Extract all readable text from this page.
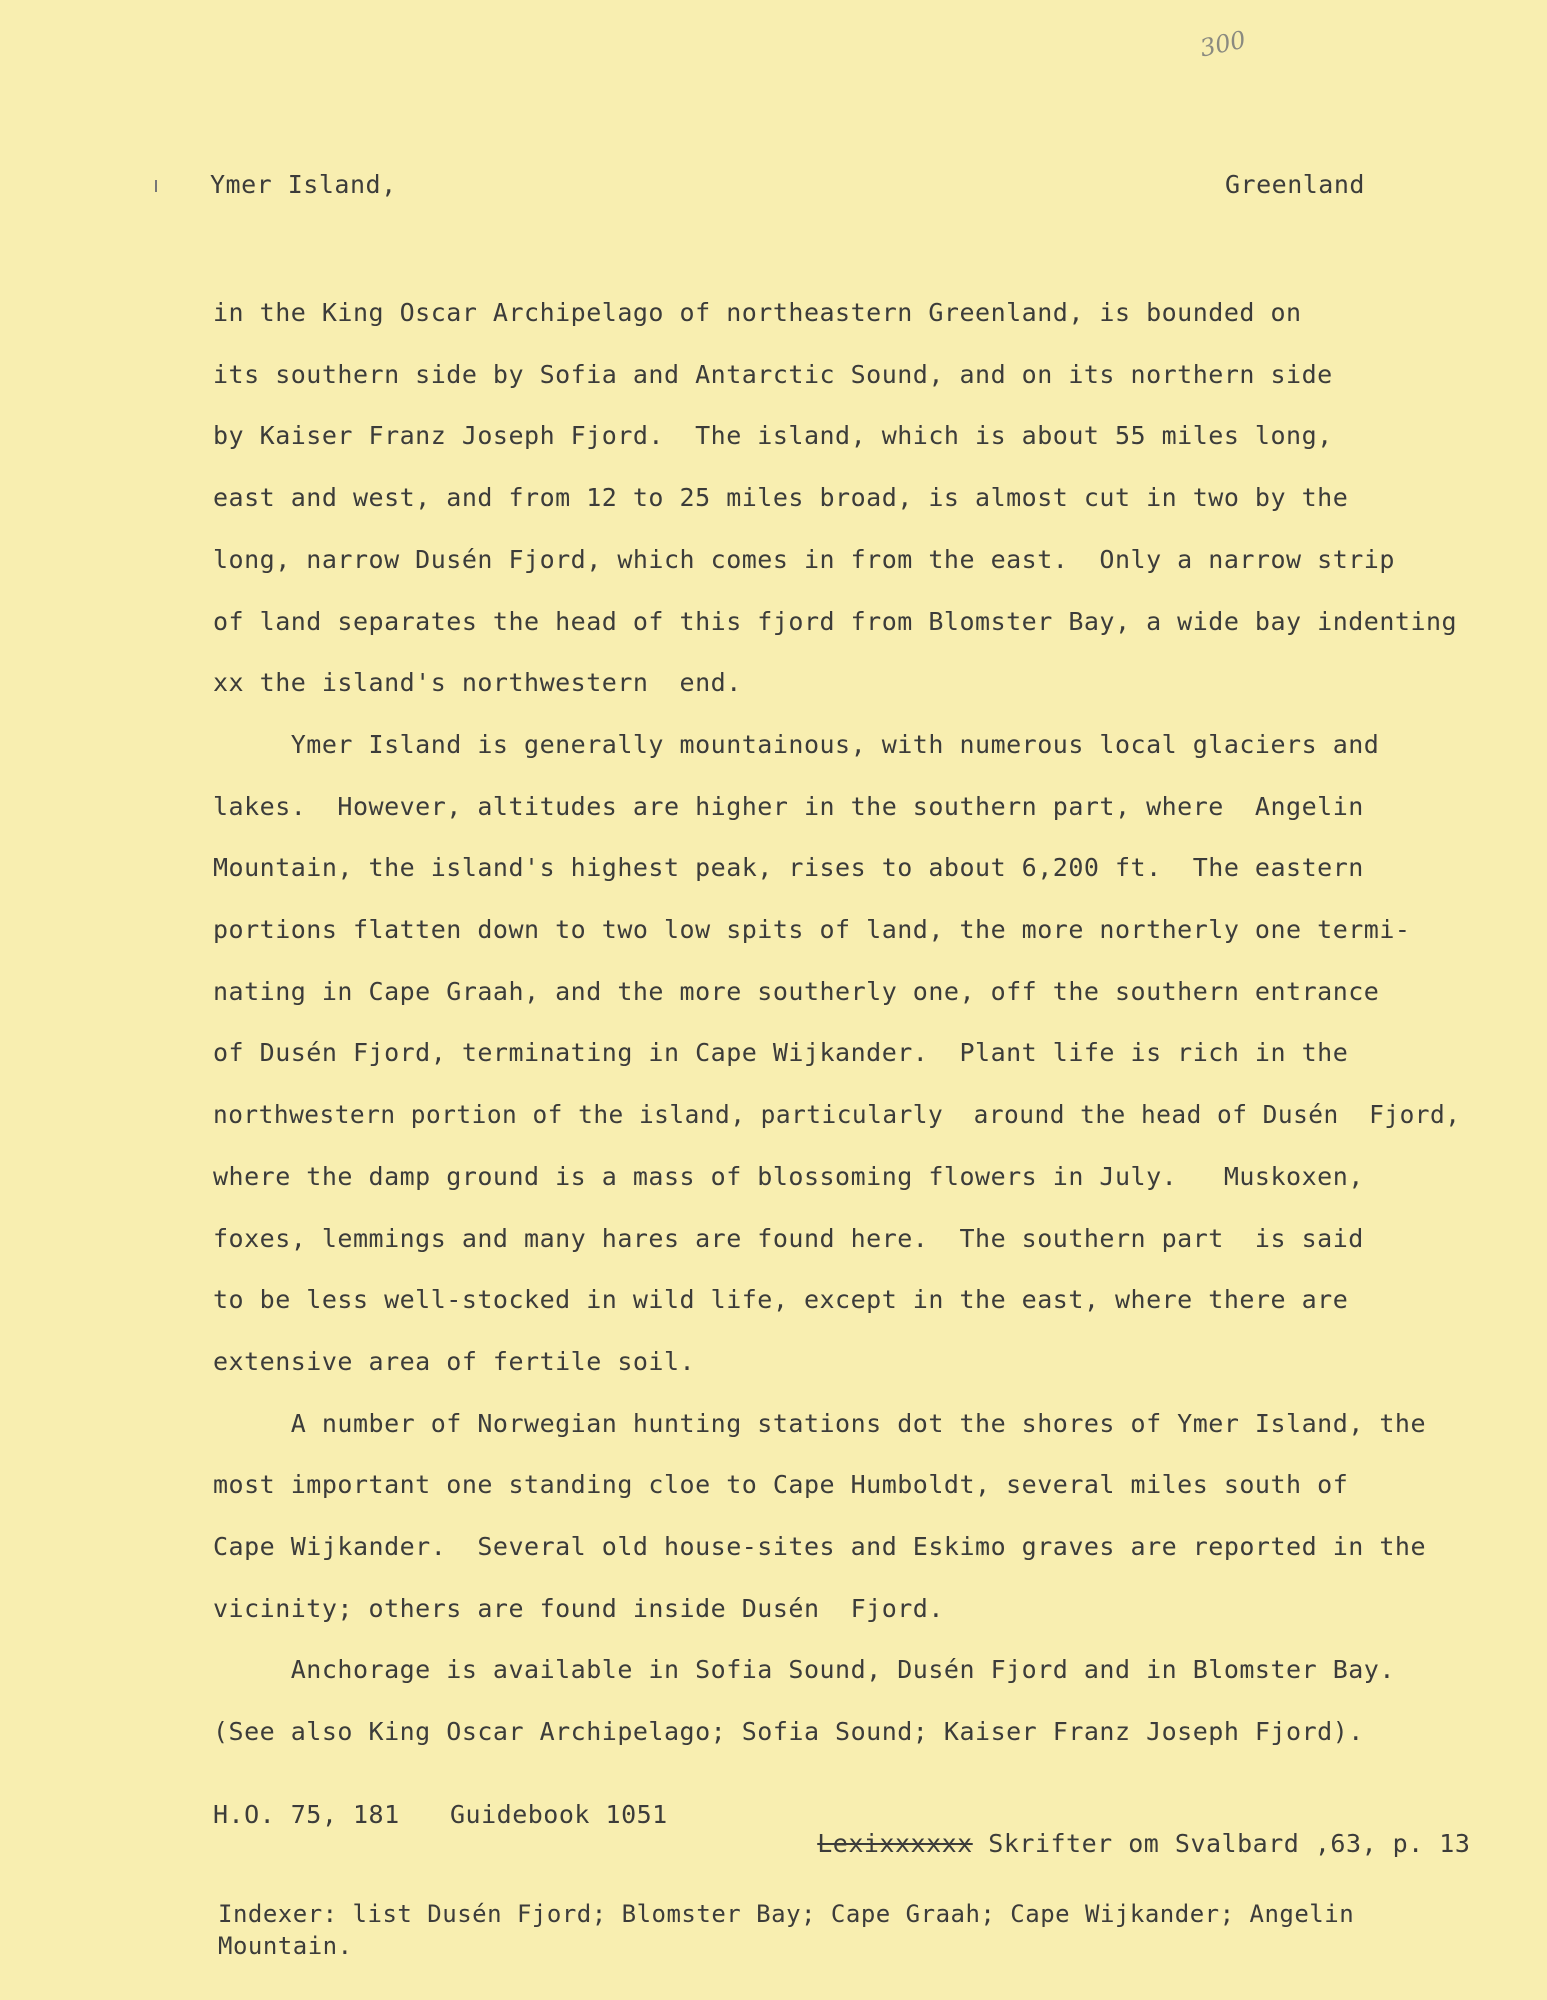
300
Ymer Island,	Greenland
in the King Oscar Archipelago of northeastern Greenland, is bounded on
its southern side by Sofia and Antarctic Sound, and on its northern side
by Kaiser Franz Joseph Fjord.  The island, which is about 55 miles long,
east and west, and from 12 to 25 miles broad, is almost cut in two by the
long, narrow Dusén Fjord, which comes in from the east.  Only a narrow strip
of land separates the head of this fjord from Blomster Bay, a wide bay indenting
xx the island's northwestern  end.
Ymer Island is generally mountainous, with numerous local glaciers and
lakes.  However, altitudes are higher in the southern part, where  Angelin
Mountain, the island's highest peak, rises to about 6,200 ft.  The eastern
portions flatten down to two low spits of land, the more northerly one termi-
nating in Cape Graah, and the more southerly one, off the southern entrance
of Dusén Fjord, terminating in Cape Wijkander.  Plant life is rich in the
northwestern portion of the island, particularly  around the head of Dusén  Fjord,
where the damp ground is a mass of blossoming flowers in July.   Muskoxen,
foxes, lemmings and many hares are found here.  The southern part  is said
to be less well-stocked in wild life, except in the east, where there are
extensive area of fertile soil.
A number of Norwegian hunting stations dot the shores of Ymer Island, the
most important one standing cloe to Cape Humboldt, several miles south of
Cape Wijkander.  Several old house-sites and Eskimo graves are reported in the
vicinity; others are found inside Dusén  Fjord.
Anchorage is available in Sofia Sound, Dusén Fjord and in Blomster Bay.
(See also King Oscar Archipelago; Sofia Sound; Kaiser Franz Joseph Fjord).
H.O. 75, 181 Guidebook 1051

Lexixxxxxx Skrifter om Svalbard ,63, p. 13

Indexer: list Dusén Fjord; Blomster Bay; Cape Graah; Cape Wijkander; Angelin Mountain.
